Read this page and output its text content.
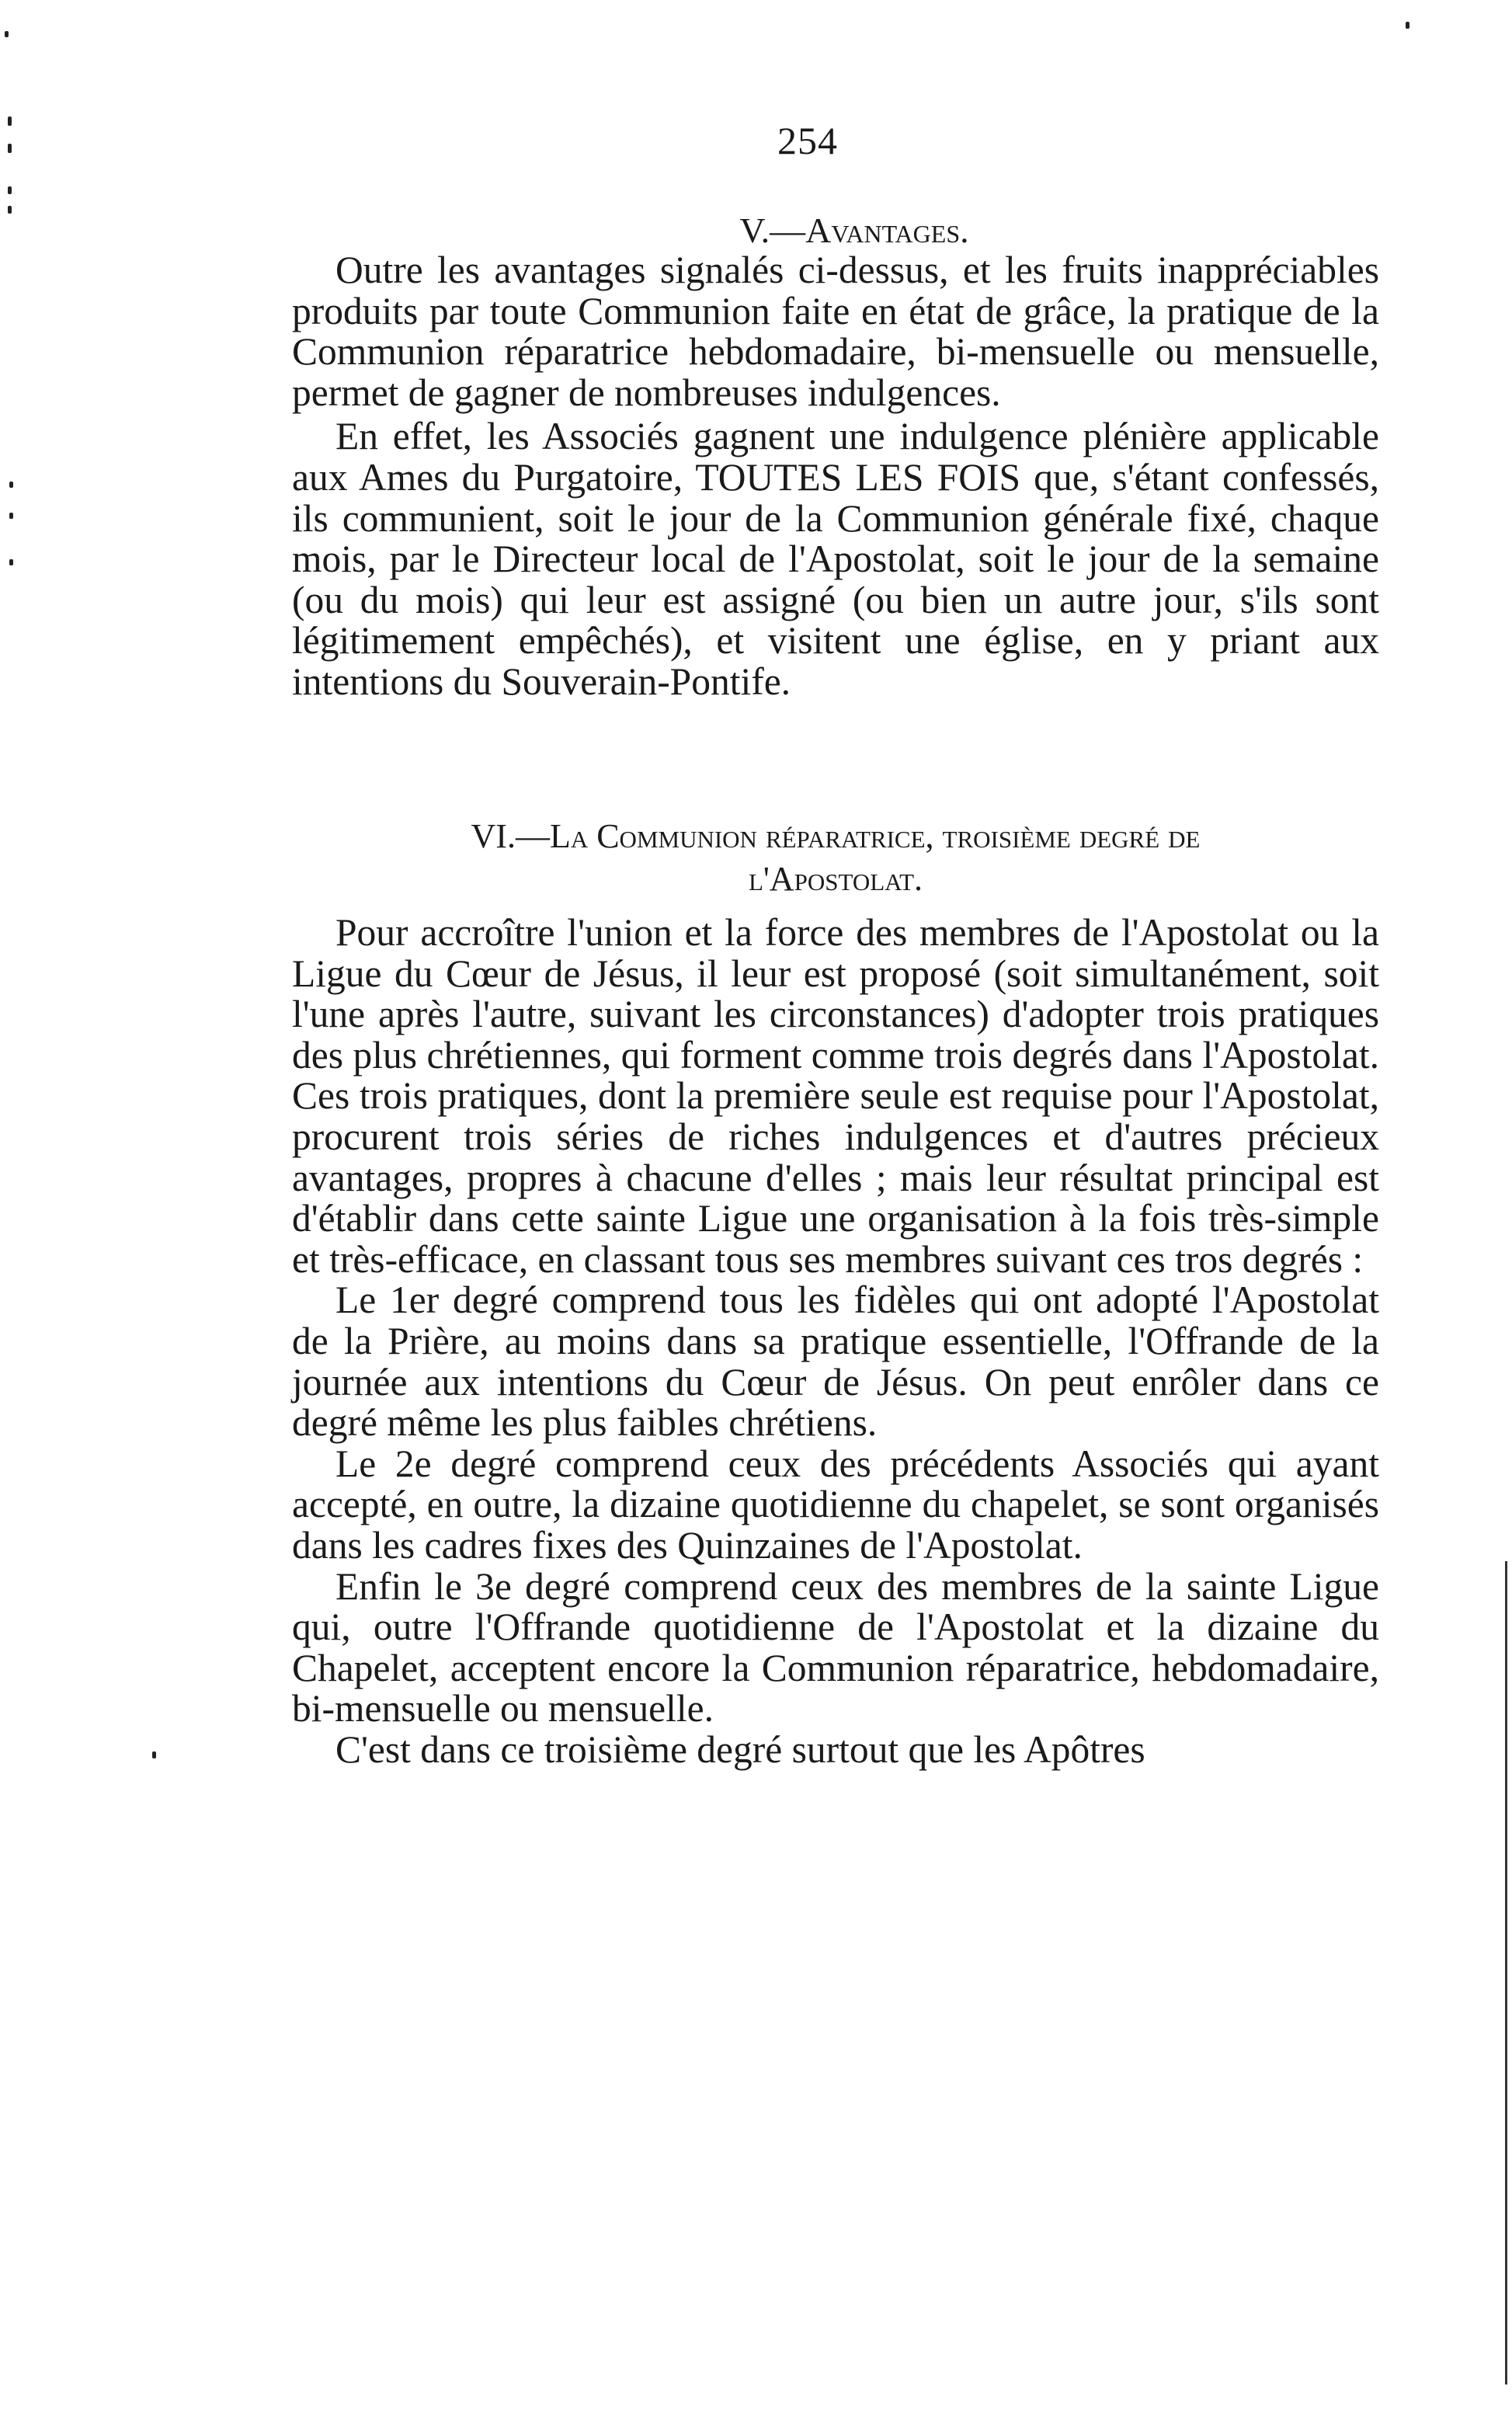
254
V.—Avantages.

Outre les avantages signalés ci-dessus, et les fruits inappréciables produits par toute Communion faite en état de grâce, la pratique de la Communion réparatrice hebdomadaire, bi-mensuelle ou mensuelle, permet de gagner de nombreuses indulgences.

En effet, les Associés gagnent une indulgence plénière applicable aux Ames du Purgatoire, TOUTES LES FOIS que, s'étant confessés, ils communient, soit le jour de la Communion générale fixé, chaque mois, par le Directeur local de l'Apostolat, soit le jour de la semaine (ou du mois) qui leur est assigné (ou bien un autre jour, s'ils sont légitimement empêchés), et visitent une église, en y priant aux intentions du Souverain-Pontife.

VI.—La Communion réparatrice, troisième degré de
l'Apostolat.

Pour accroître l'union et la force des membres de l'Apostolat ou la Ligue du Cœur de Jésus, il leur est proposé (soit simultanément, soit l'une après l'autre, suivant les circonstances) d'adopter trois pratiques des plus chrétiennes, qui forment comme trois degrés dans l'Apostolat. Ces trois pratiques, dont la première seule est requise pour l'Apostolat, procurent trois séries de riches indulgences et d'autres précieux avantages, propres à chacune d'elles ; mais leur résultat principal est d'établir dans cette sainte Ligue une organisation à la fois très-simple et très-efficace, en classant tous ses membres suivant ces tros degrés :

Le 1er degré comprend tous les fidèles qui ont adopté l'Apostolat de la Prière, au moins dans sa pratique essentielle, l'Offrande de la journée aux intentions du Cœur de Jésus. On peut enrôler dans ce degré même les plus faibles chrétiens.

Le 2e degré comprend ceux des précédents Associés qui ayant accepté, en outre, la dizaine quotidienne du chapelet, se sont organisés dans les cadres fixes des Quinzaines de l'Apostolat.

Enfin le 3e degré comprend ceux des membres de la sainte Ligue qui, outre l'Offrande quotidienne de l'Apostolat et la dizaine du Chapelet, acceptent encore la Communion réparatrice, hebdomadaire, bi-mensuelle ou mensuelle.

C'est dans ce troisième degré surtout que les Apôtres
